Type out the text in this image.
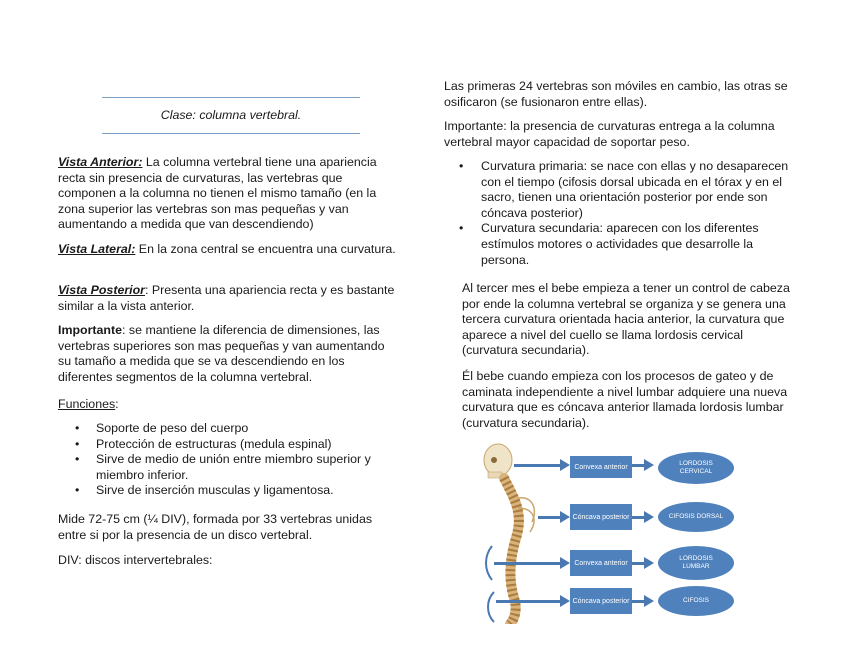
Clase: columna vertebral.

Vista Anterior: La columna vertebral tiene una apariencia recta sin presencia de curvaturas, las vertebras que componen a la columna no tienen el mismo tamaño (en la zona superior las vertebras son mas pequeñas y van aumentando a medida que van descendiendo)

Vista Lateral: En la zona central se encuentra una curvatura.

Vista Posterior: Presenta una apariencia recta y es bastante similar a la vista anterior.

Importante: se mantiene la diferencia de dimensiones, las vertebras superiores son mas pequeñas y van aumentando su tamaño a medida que se va descendiendo en los diferentes segmentos de la columna vertebral.

Funciones:

• Soporte de peso del cuerpo
• Protección de estructuras (medula espinal)
• Sirve de medio de unión entre miembro superior y miembro inferior.
• Sirve de inserción musculas y ligamentosa.

Mide 72-75 cm (¼ DIV), formada por 33 vertebras unidas entre si por la presencia de un disco vertebral.

DIV: discos intervertebrales:

Las primeras 24 vertebras son móviles en cambio, las otras se osificaron (se fusionaron entre ellas).

Importante: la presencia de curvaturas entrega a la columna vertebral mayor capacidad de soportar peso.

• Curvatura primaria: se nace con ellas y no desaparecen con el tiempo (cifosis dorsal ubicada en el tórax y en el sacro, tienen una orientación posterior por ende son cóncava posterior)
• Curvatura secundaria: aparecen con los diferentes estímulos motores o actividades que desarrolle la persona.

Al tercer mes el bebe empieza a tener un control de cabeza por ende la columna vertebral se organiza y se genera una tercera curvatura orientada hacia anterior, la curvatura que aparece a nivel del cuello se llama lordosis cervical (curvatura secundaria).

Él bebe cuando empieza con los procesos de gateo y de caminata independiente a nivel lumbar adquiere una nueva curvatura que es cóncava anterior llamada lordosis lumbar (curvatura secundaria).

Convexa anterior
LORDOSIS CERVICAL
Cóncava posterior	CIFOSIS DORSAL
Convexa anterior
LORDOSIS LUMBAR
Cóncava posterior	CIFOSIS
